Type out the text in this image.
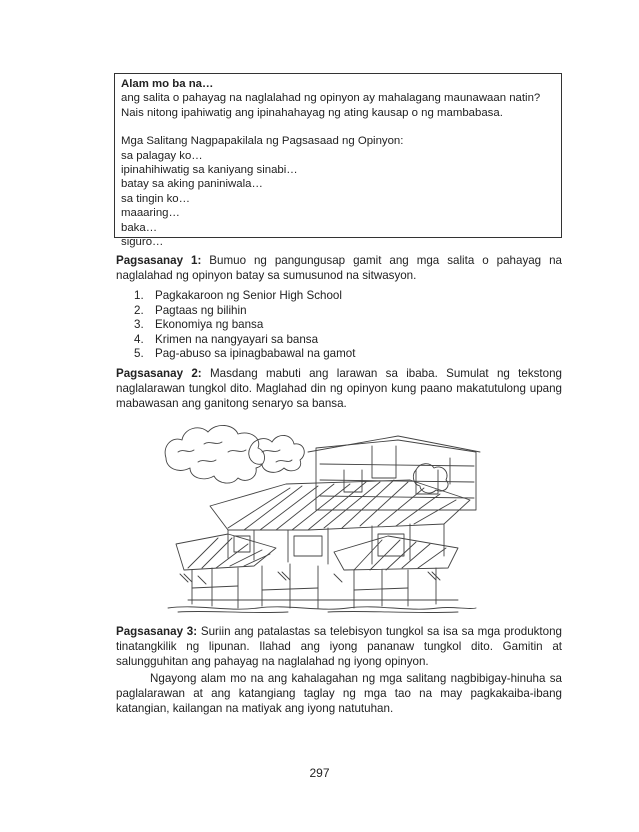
Alam mo ba na…
ang salita o pahayag na naglalahad ng opinyon ay mahalagang maunawaan natin?
Nais nitong ipahiwatig ang ipinahahayag ng ating kausap o ng mambabasa.
Mga Salitang Nagpapakilala ng Pagsasaad ng Opinyon:
sa palagay ko…
ipinahihiwatig sa kaniyang sinabi…
batay sa aking paniniwala…
sa tingin ko…
maaaring…
baka…
siguro…
Pagsasanay 1: Bumuo ng pangungusap gamit ang mga salita o pahayag na naglalahad ng opinyon batay sa sumusunod na sitwasyon.
1. Pagkakaroon ng Senior High School
2. Pagtaas ng bilihin
3. Ekonomiya ng bansa
4. Krimen na nangyayari sa bansa
5. Pag-abuso sa ipinagbabawal na gamot
Pagsasanay 2: Masdang mabuti ang larawan sa ibaba. Sumulat ng tekstong naglalarawan tungkol dito. Maglahad din ng opinyon kung paano makatutulong upang mabawasan ang ganitong senaryo sa bansa.
Pagsasanay 3: Suriin ang patalastas sa telebisyon tungkol sa isa sa mga produktong tinatangkilik ng lipunan. Ilahad ang iyong pananaw tungkol dito. Gamitin at salungguhitan ang pahayag na naglalahad ng iyong opinyon.
Ngayong alam mo na ang kahalagahan ng mga salitang nagbibigay-hinuha sa paglalarawan at ang katangiang taglay ng mga tao na may pagkakaiba-ibang katangian, kailangan na matiyak ang iyong natutuhan.
297
